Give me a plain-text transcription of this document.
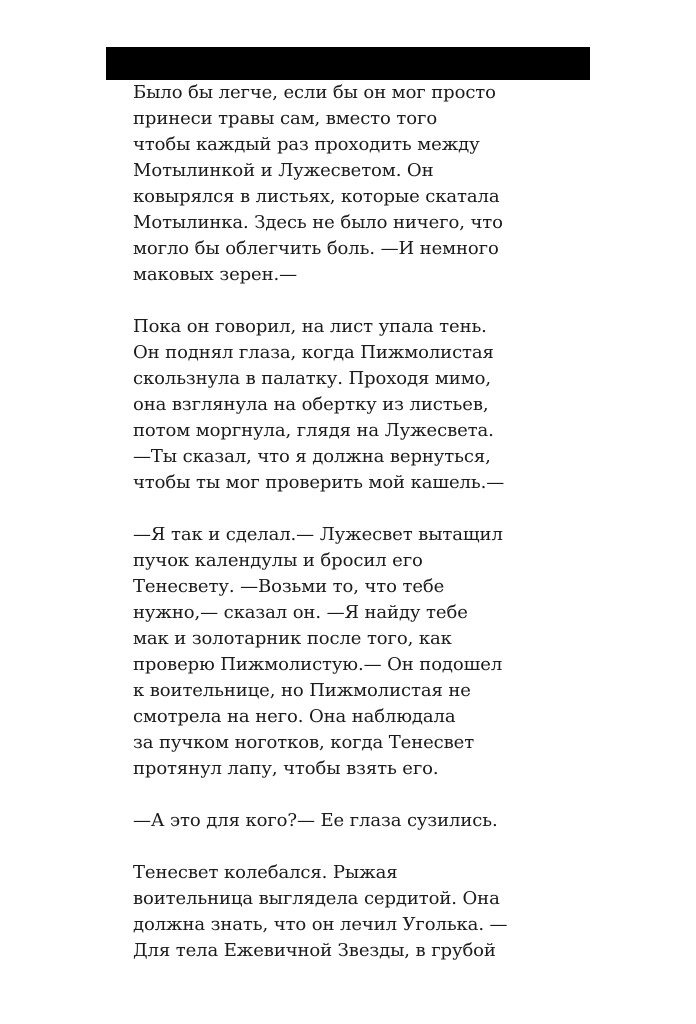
Было бы легче, если бы он мог просто
принеси травы сам, вместо того
чтобы каждый раз проходить между
Мотылинкой и Лужесветом. Он
ковырялся в листьях, которые скатала
Мотылинка. Здесь не было ничего, что
могло бы облегчить боль. —И немного
маковых зерен.—
Пока он говорил, на лист упала тень.
Он поднял глаза, когда Пижмолистая
скользнула в палатку. Проходя мимо,
она взглянула на обертку из листьев,
потом моргнула, глядя на Лужесвета.
—Ты сказал, что я должна вернуться,
чтобы ты мог проверить мой кашель.—
—Я так и сделал.— Лужесвет вытащил
пучок календулы и бросил его
Тенесвету. —Возьми то, что тебе
нужно,— сказал он. —Я найду тебе
мак и золотарник после того, как
проверю Пижмолистую.— Он подошел
к воительнице, но Пижмолистая не
смотрела на него. Она наблюдала
за пучком ноготков, когда Тенесвет
протянул лапу, чтобы взять его.
—А это для кого?— Ее глаза сузились.
Тенесвет колебался. Рыжая
воительница выглядела сердитой. Она
должна знать, что он лечил Уголька. —
Для тела Ежевичной Звезды, в грубой
